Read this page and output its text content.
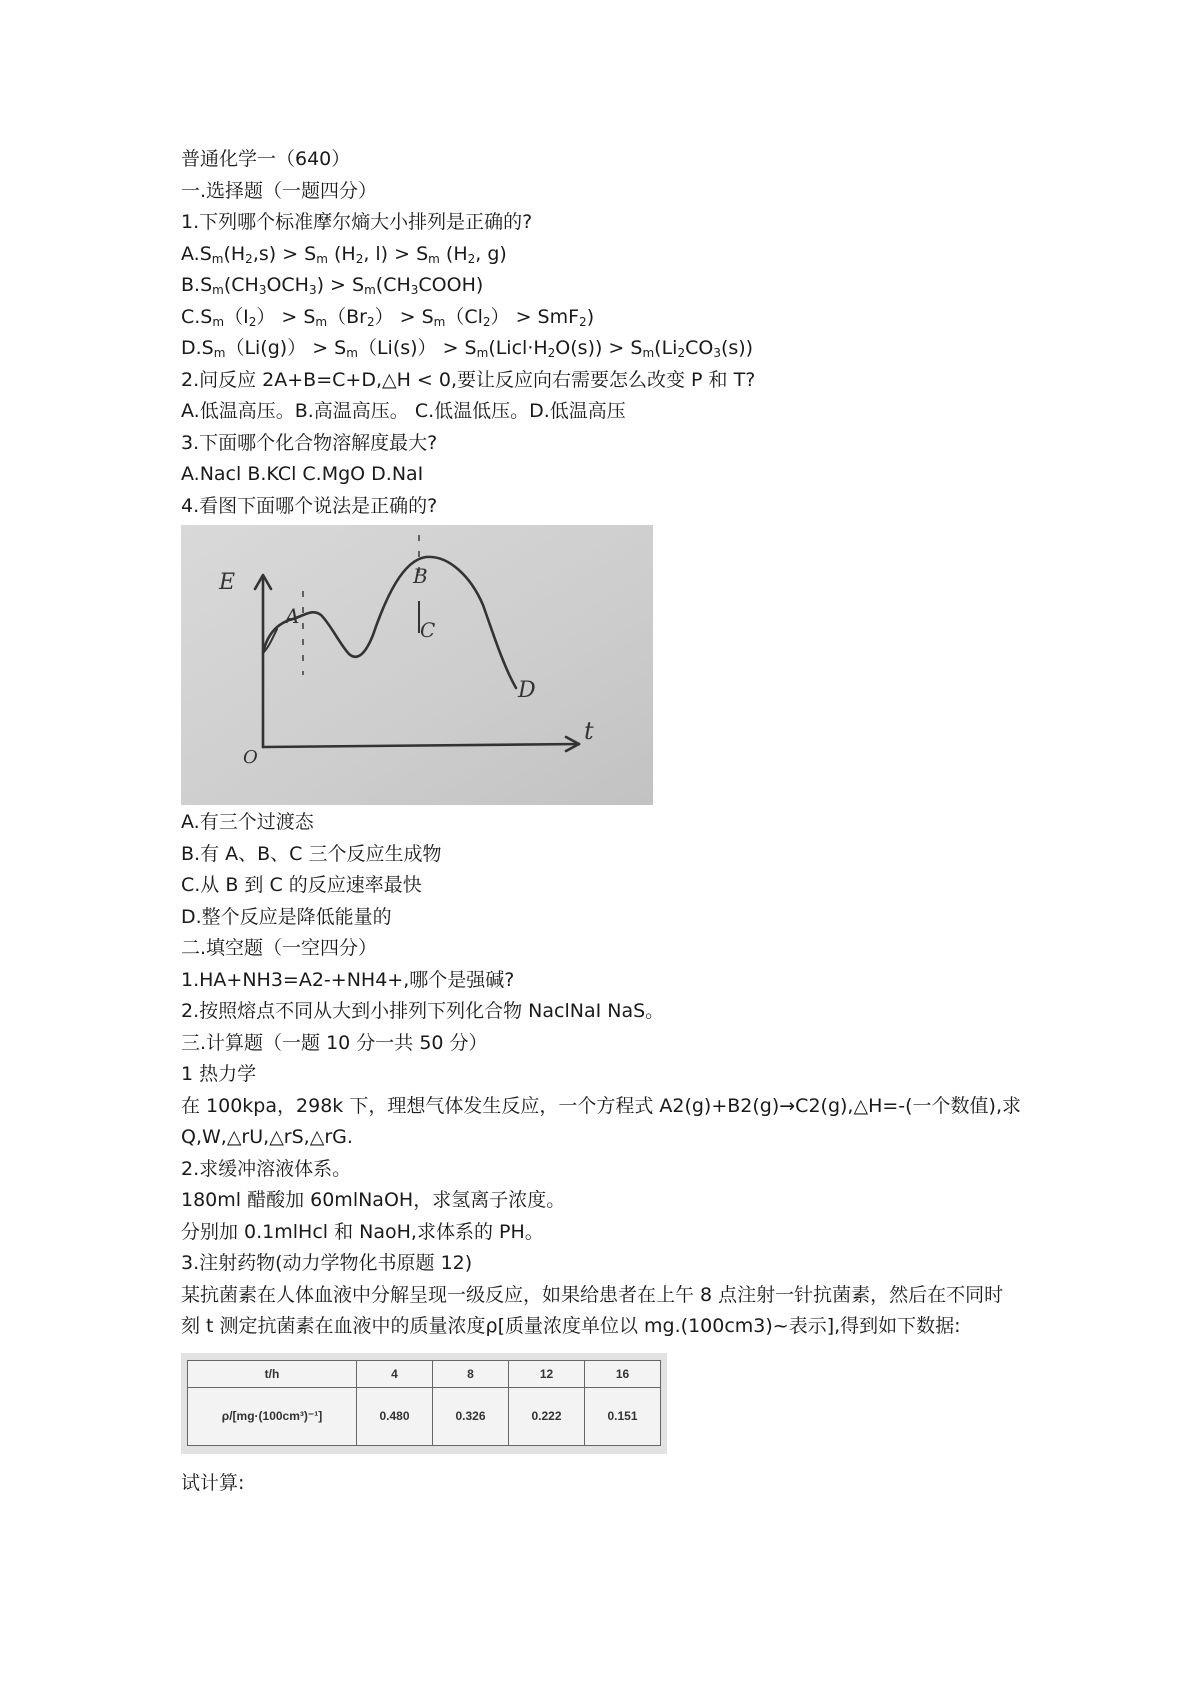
普通化学一（640）
一.选择题（一题四分）
1.下列哪个标准摩尔熵大小排列是正确的?
$A.S_m(H_2,s) > S_m$ ($H_2$, $l) > S_m$ ($H_2$, g)
$B.S_m(CH_3OCH_3)$ > $S_m(CH_3COOH)$
$C.S_m(I_2) > S_m(Br_2) > S_m(Cl_2) > SmF_2$)
$D.S_m(Li(g)) > S_m(Li(s))$ > $S_m(Licl\cdot H_2O(s)) > S_m(Li_2CO_3(s))$
2.问反应 2A+B=C+D,△H < 0,要让反应向右需要怎么改变 P 和 T?
A.低温高压。B.高温高压。 C.低温低压。D.低温高压
3.下面哪个化合物溶解度最大?
A.Nacl B.KCl C.MgO D.NaI
4.看图下面哪个说法是正确的?
E
t
O
A
B
C
D
A.有三个过渡态
B.有 A、B、C 三个反应生成物
C.从 B 到 C 的反应速率最快
D.整个反应是降低能量的
二.填空题（一空四分）
1.HA+NH3=A2-+NH4+,哪个是强碱?
2.按照熔点不同从大到小排列下列化合物 NaclNaI NaS。
三.计算题（一题 10 分一共 50 分）
1 热力学
在 100kpa，298k 下，理想气体发生反应，一个方程式 A2(g)+B2(g)→C2(g),△H=-(一个数值),求 Q,W,△rU,△rS,△rG.
2.求缓冲溶液体系。
180ml 醋酸加 60mlNaOH，求氢离子浓度。
分别加 0.1mlHcl 和 NaoH,求体系的 PH。
3.注射药物(动力学物化书原题 12)
某抗菌素在人体血液中分解呈现一级反应，如果给患者在上午 8 点注射一针抗菌素，然后在不同时刻 t 测定抗菌素在血液中的质量浓度ρ[质量浓度单位以 mg.(100cm3)~表示],得到如下数据:
t/h	4	8	12	16
ρ/[mg·(100cm³)⁻¹]	0.480	0.326	0.222	0.151
试计算:
